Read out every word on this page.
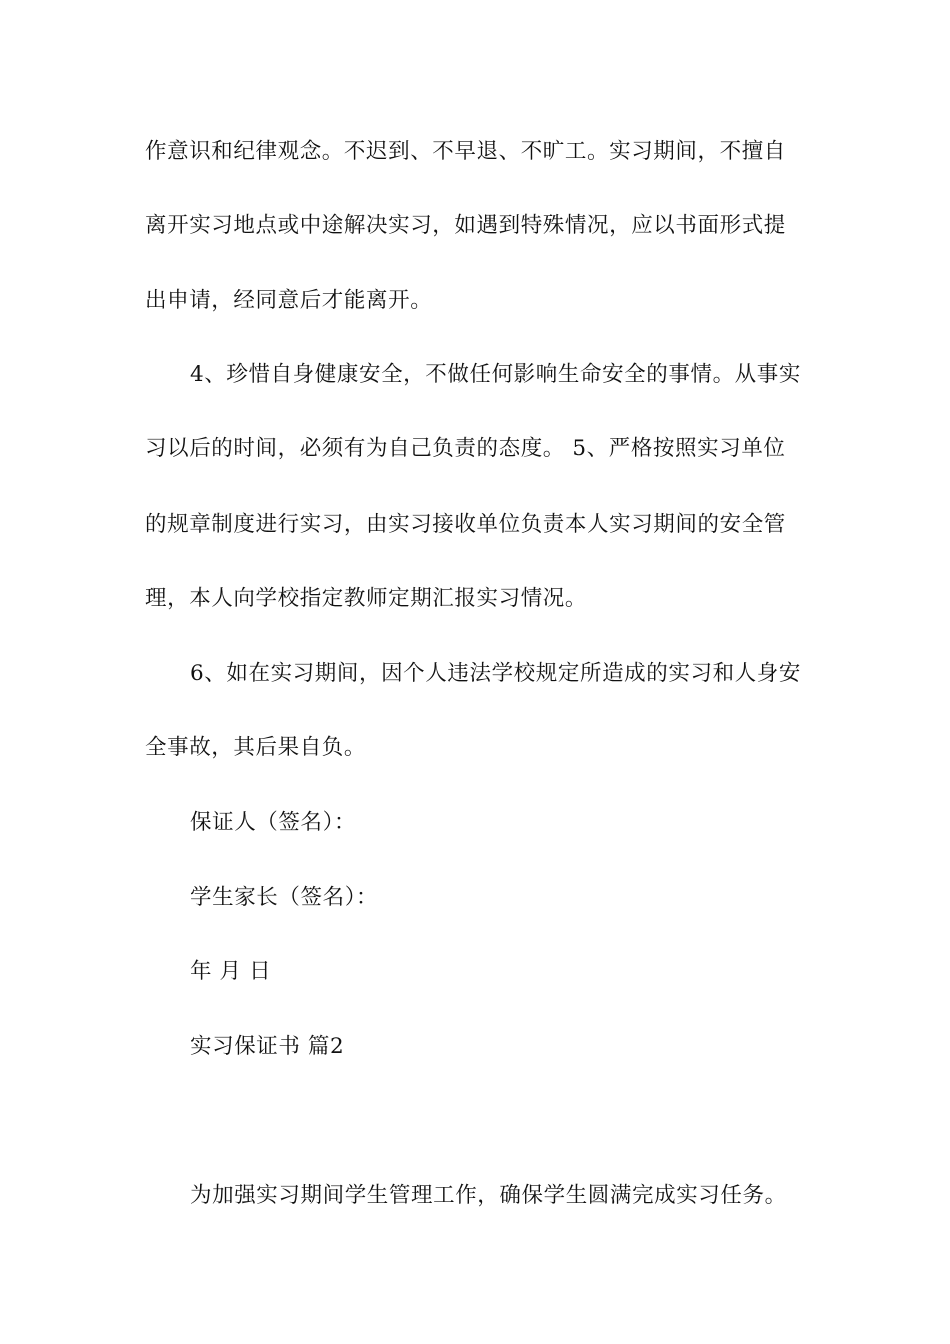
作意识和纪律观念。不迟到、不早退、不旷工。实习期间，不擅自
离开实习地点或中途解决实习，如遇到特殊情况，应以书面形式提
出申请，经同意后才能离开。
4、珍惜自身健康安全，不做任何影响生命安全的事情。从事实
习以后的时间，必须有为自己负责的态度。 5、严格按照实习单位
的规章制度进行实习，由实习接收单位负责本人实习期间的安全管
理，本人向学校指定教师定期汇报实习情况。
6、如在实习期间，因个人违法学校规定所造成的实习和人身安
全事故，其后果自负。
保证人（签名）：
学生家长（签名）：
年 月 日
实习保证书 篇2
为加强实习期间学生管理工作，确保学生圆满完成实习任务。
